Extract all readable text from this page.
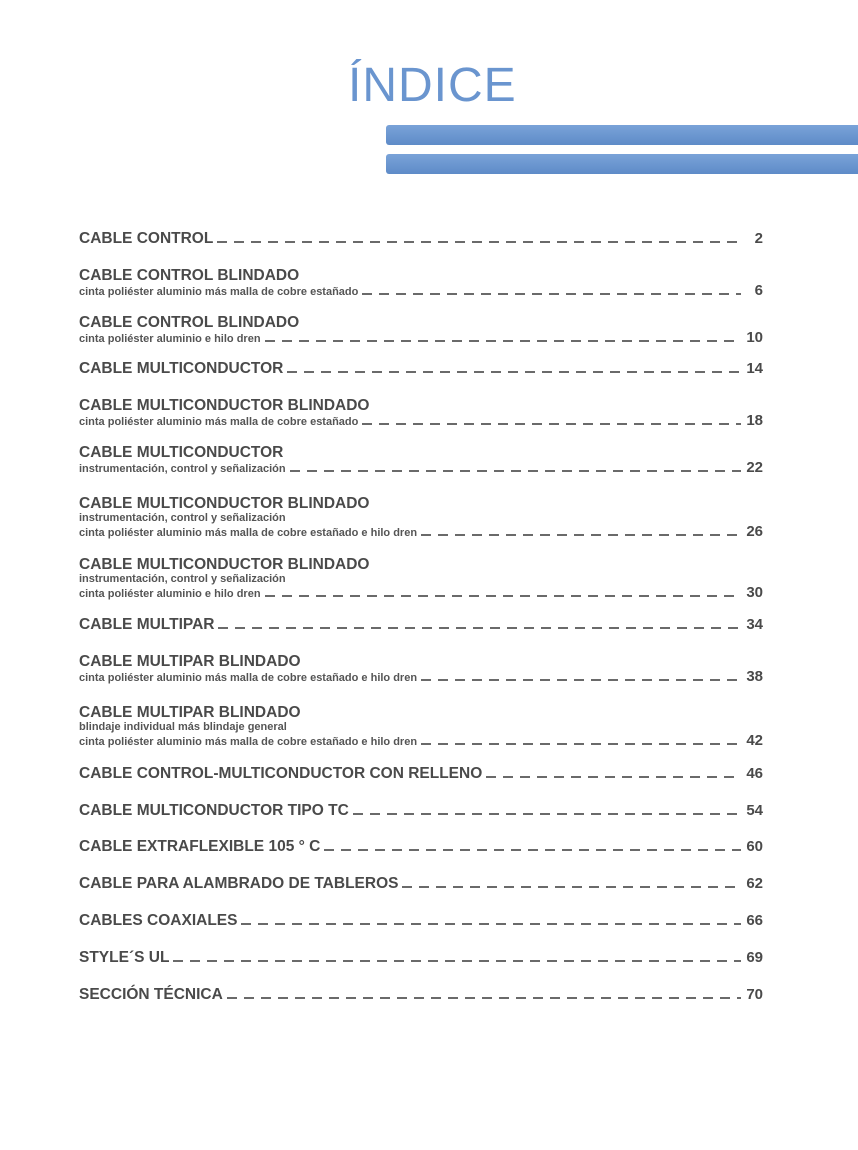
ÍNDICE
CABLE CONTROL	2
CABLE CONTROL BLINDADO
cinta poliéster aluminio más malla de cobre estañado	6
CABLE CONTROL BLINDADO
cinta poliéster aluminio e hilo dren	10
CABLE MULTICONDUCTOR	14
CABLE MULTICONDUCTOR BLINDADO
cinta poliéster aluminio más malla de cobre estañado	18
CABLE MULTICONDUCTOR
instrumentación, control y señalización	22
CABLE MULTICONDUCTOR BLINDADO
instrumentación, control y señalización
cinta poliéster aluminio más malla de cobre estañado e hilo dren	26
CABLE MULTICONDUCTOR BLINDADO
instrumentación, control y señalización
cinta poliéster aluminio e hilo dren	30
CABLE MULTIPAR	34
CABLE MULTIPAR BLINDADO
cinta poliéster aluminio más malla de cobre estañado e hilo dren	38
CABLE MULTIPAR BLINDADO
blindaje individual más blindaje general
cinta poliéster aluminio más malla de cobre estañado e hilo dren	42
CABLE CONTROL-MULTICONDUCTOR CON RELLENO	46
CABLE MULTICONDUCTOR TIPO TC	54
CABLE EXTRAFLEXIBLE 105 ° C	60
CABLE PARA ALAMBRADO DE TABLEROS	62
CABLES COAXIALES	66
STYLE´S UL	69
SECCIÓN TÉCNICA	70
